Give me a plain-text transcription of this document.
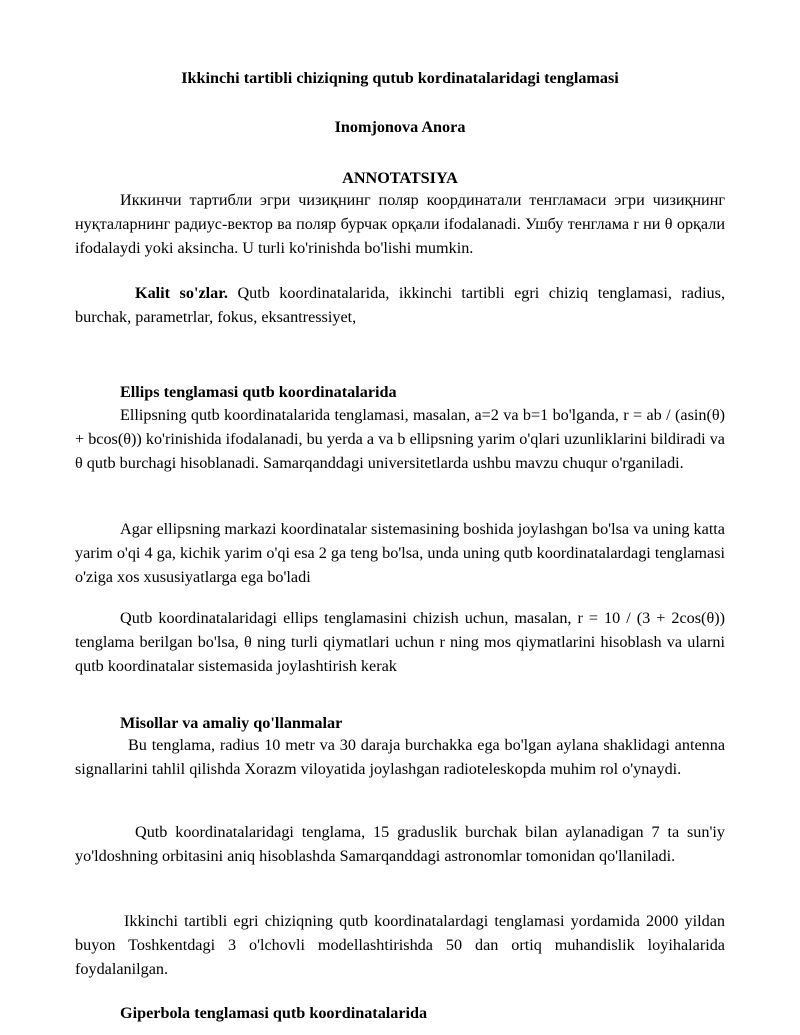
Ikkinchi tartibli chiziqning qutub kordinatalaridagi tenglamasi
Inomjonova Anora
ANNOTATSIYA
Иккинчи тартибли эгри чизиқнинг поляр координатали тенгламаси эгри чизиқнинг нуқталарнинг радиус-вектор ва поляр бурчак орқали ifodalanadi. Ушбу тенглама r ни θ орқали ifodalaydi yoki aksincha. U turli ko'rinishda bo'lishi mumkin.
Kalit so'zlar. Qutb koordinatalarida, ikkinchi tartibli egri chiziq tenglamasi, radius, burchak, parametrlar, fokus, eksantressiyet,
Ellips tenglamasi qutb koordinatalarida
Ellipsning qutb koordinatalarida tenglamasi, masalan, a=2 va b=1 bo'lganda, r = ab / (asin(θ) + bcos(θ)) ko'rinishida ifodalanadi, bu yerda a va b ellipsning yarim o'qlari uzunliklarini bildiradi va θ qutb burchagi hisoblanadi. Samarqanddagi universitetlarda ushbu mavzu chuqur o'rganiladi.
Agar ellipsning markazi koordinatalar sistemasining boshida joylashgan bo'lsa va uning katta yarim o'qi 4 ga, kichik yarim o'qi esa 2 ga teng bo'lsa, unda uning qutb koordinatalardagi tenglamasi o'ziga xos xususiyatlarga ega bo'ladi
Qutb koordinatalaridagi ellips tenglamasini chizish uchun, masalan, r = 10 / (3 + 2cos(θ)) tenglama berilgan bo'lsa, θ ning turli qiymatlari uchun r ning mos qiymatlarini hisoblash va ularni qutb koordinatalar sistemasida joylashtirish kerak
Misollar va amaliy qo'llanmalar
Bu tenglama, radius 10 metr va 30 daraja burchakka ega bo'lgan aylana shaklidagi antenna signallarini tahlil qilishda Xorazm viloyatida joylashgan radioteleskopda muhim rol o'ynaydi.
Qutb koordinatalaridagi tenglama, 15 graduslik burchak bilan aylanadigan 7 ta sun'iy yo'ldoshning orbitasini aniq hisoblashda Samarqanddagi astronomlar tomonidan qo'llaniladi.
Ikkinchi tartibli egri chiziqning qutb koordinatalardagi tenglamasi yordamida 2000 yildan buyon Toshkentdagi 3 o'lchovli modellashtirishda 50 dan ortiq muhandislik loyihalarida foydalanilgan.
Giperbola tenglamasi qutb koordinatalarida
